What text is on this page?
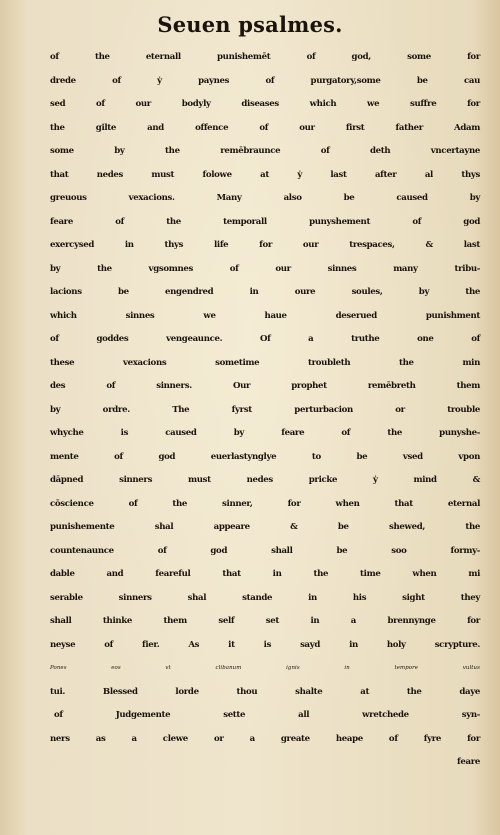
Seuen psalmes.
of the eternall punishemēt of god, some for
drede of ẏ paynes of purgatory,some be cau
sed of our bodyly diseases which we suffre for
the gilte and offence of our first father Adam
some by the remēbraunce of deth vncertayne
that nedes must folowe at ẏ last after al thys
greuous vexacions. Many also be caused by
feare of the temporall punyshement of god
exercysed in thys life for our trespaces, & last
by the vgsomnes of our sinnes many tribu-
lacions be engendred in oure soules, by the
which sinnes we haue deserued punishment
of goddes vengeaunce. Of a truthe one of
these vexacions sometime troubleth the min
des of sinners. Our prophet remēbreth them
by ordre. The fyrst perturbacion or trouble
whyche is caused by feare of the punyshe-
mente of god euerlastynglye to be vsed vpon
dāpned sinners must nedes pricke ẏ mind &
cōscience of the sinner, for when that eternal
punishemente shal appeare & be shewed, the
countenaunce of god shall be soo formy-
dable and feareful that in the time when mi
serable sinners shal stande in his sight they
shall thinke them self set in a brennynge for
neyse of fier. As it is sayd in holy scrypture.
Pones eos vt clibanum ignis in tempore vultus
tui. Blessed lorde thou shalte at the daye
of Judgemente sette all wretchede syn-
ners as a clewe or a greate heape of fyre for
feare
